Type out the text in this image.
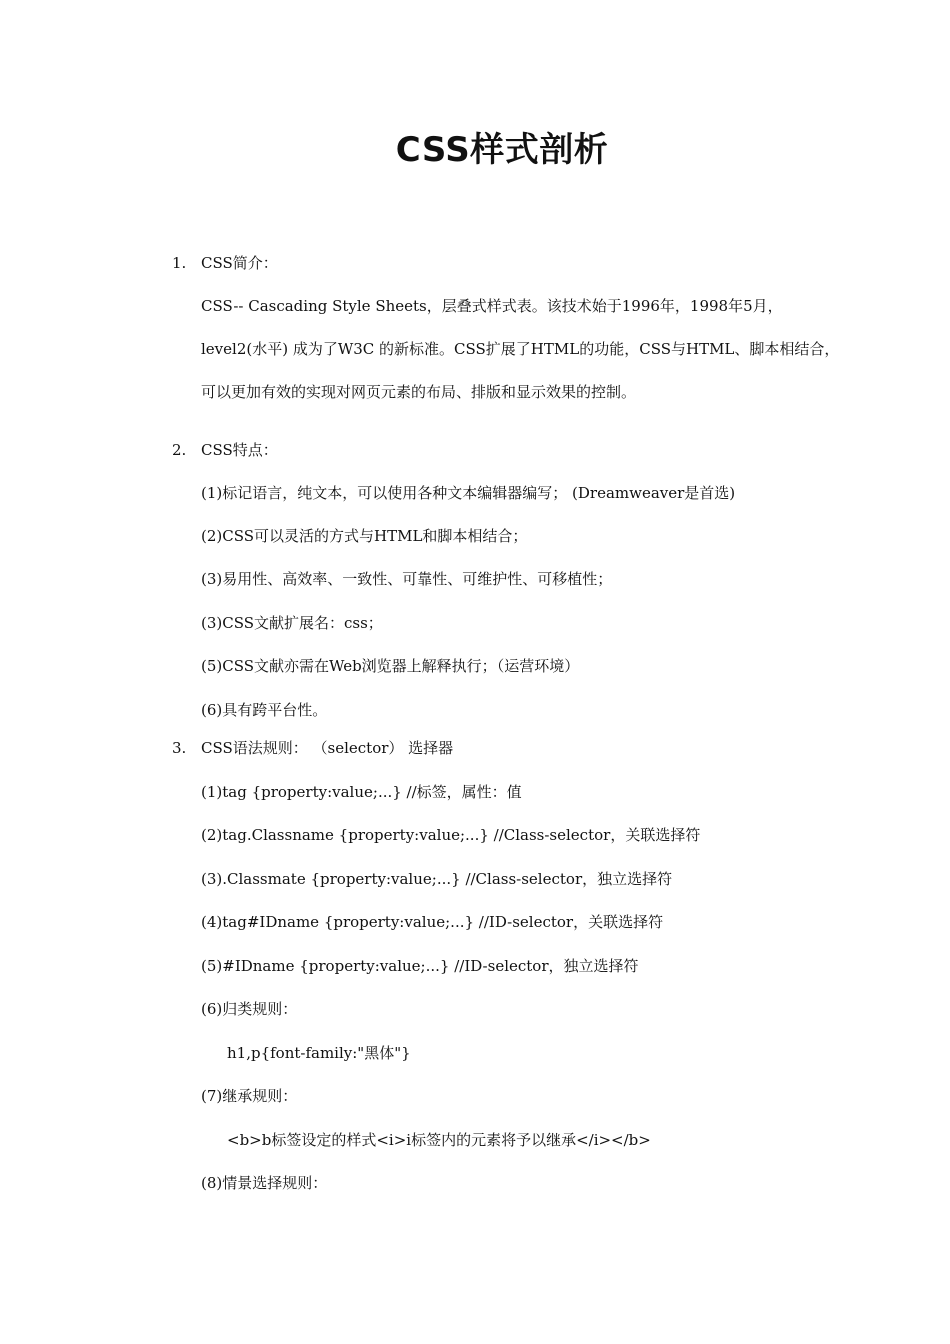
CSS样式剖析
1. CSS简介：
CSS-- Cascading Style Sheets，层叠式样式表。该技术始于1996年，1998年5月，
level2(水平) 成为了W3C 的新标准。CSS扩展了HTML的功能，CSS与HTML、脚本相结合，
可以更加有效的实现对网页元素的布局、排版和显示效果的控制。
2. CSS特点：
(1)标记语言，纯文本，可以使用各种文本编辑器编写； (Dreamweaver是首选)
(2)CSS可以灵活的方式与HTML和脚本相结合；
(3)易用性、高效率、一致性、可靠性、可维护性、可移植性；
(3)CSS文献扩展名：css；
(5)CSS文献亦需在Web浏览器上解释执行；（运营环境）
(6)具有跨平台性。
3. CSS语法规则： （selector） 选择器
(1)tag {property:value;...} //标签，属性：值
(2)tag.Classname {property:value;...} //Class-selector，关联选择符
(3).Classmate {property:value;...} //Class-selector，独立选择符
(4)tag#IDname {property:value;...} //ID-selector，关联选择符
(5)#IDname {property:value;...} //ID-selector，独立选择符
(6)归类规则：
h1,p{font-family:"黑体"}
(7)继承规则：
<b>b标签设定的样式<i>i标签内的元素将予以继承</i></b>
(8)情景选择规则：
